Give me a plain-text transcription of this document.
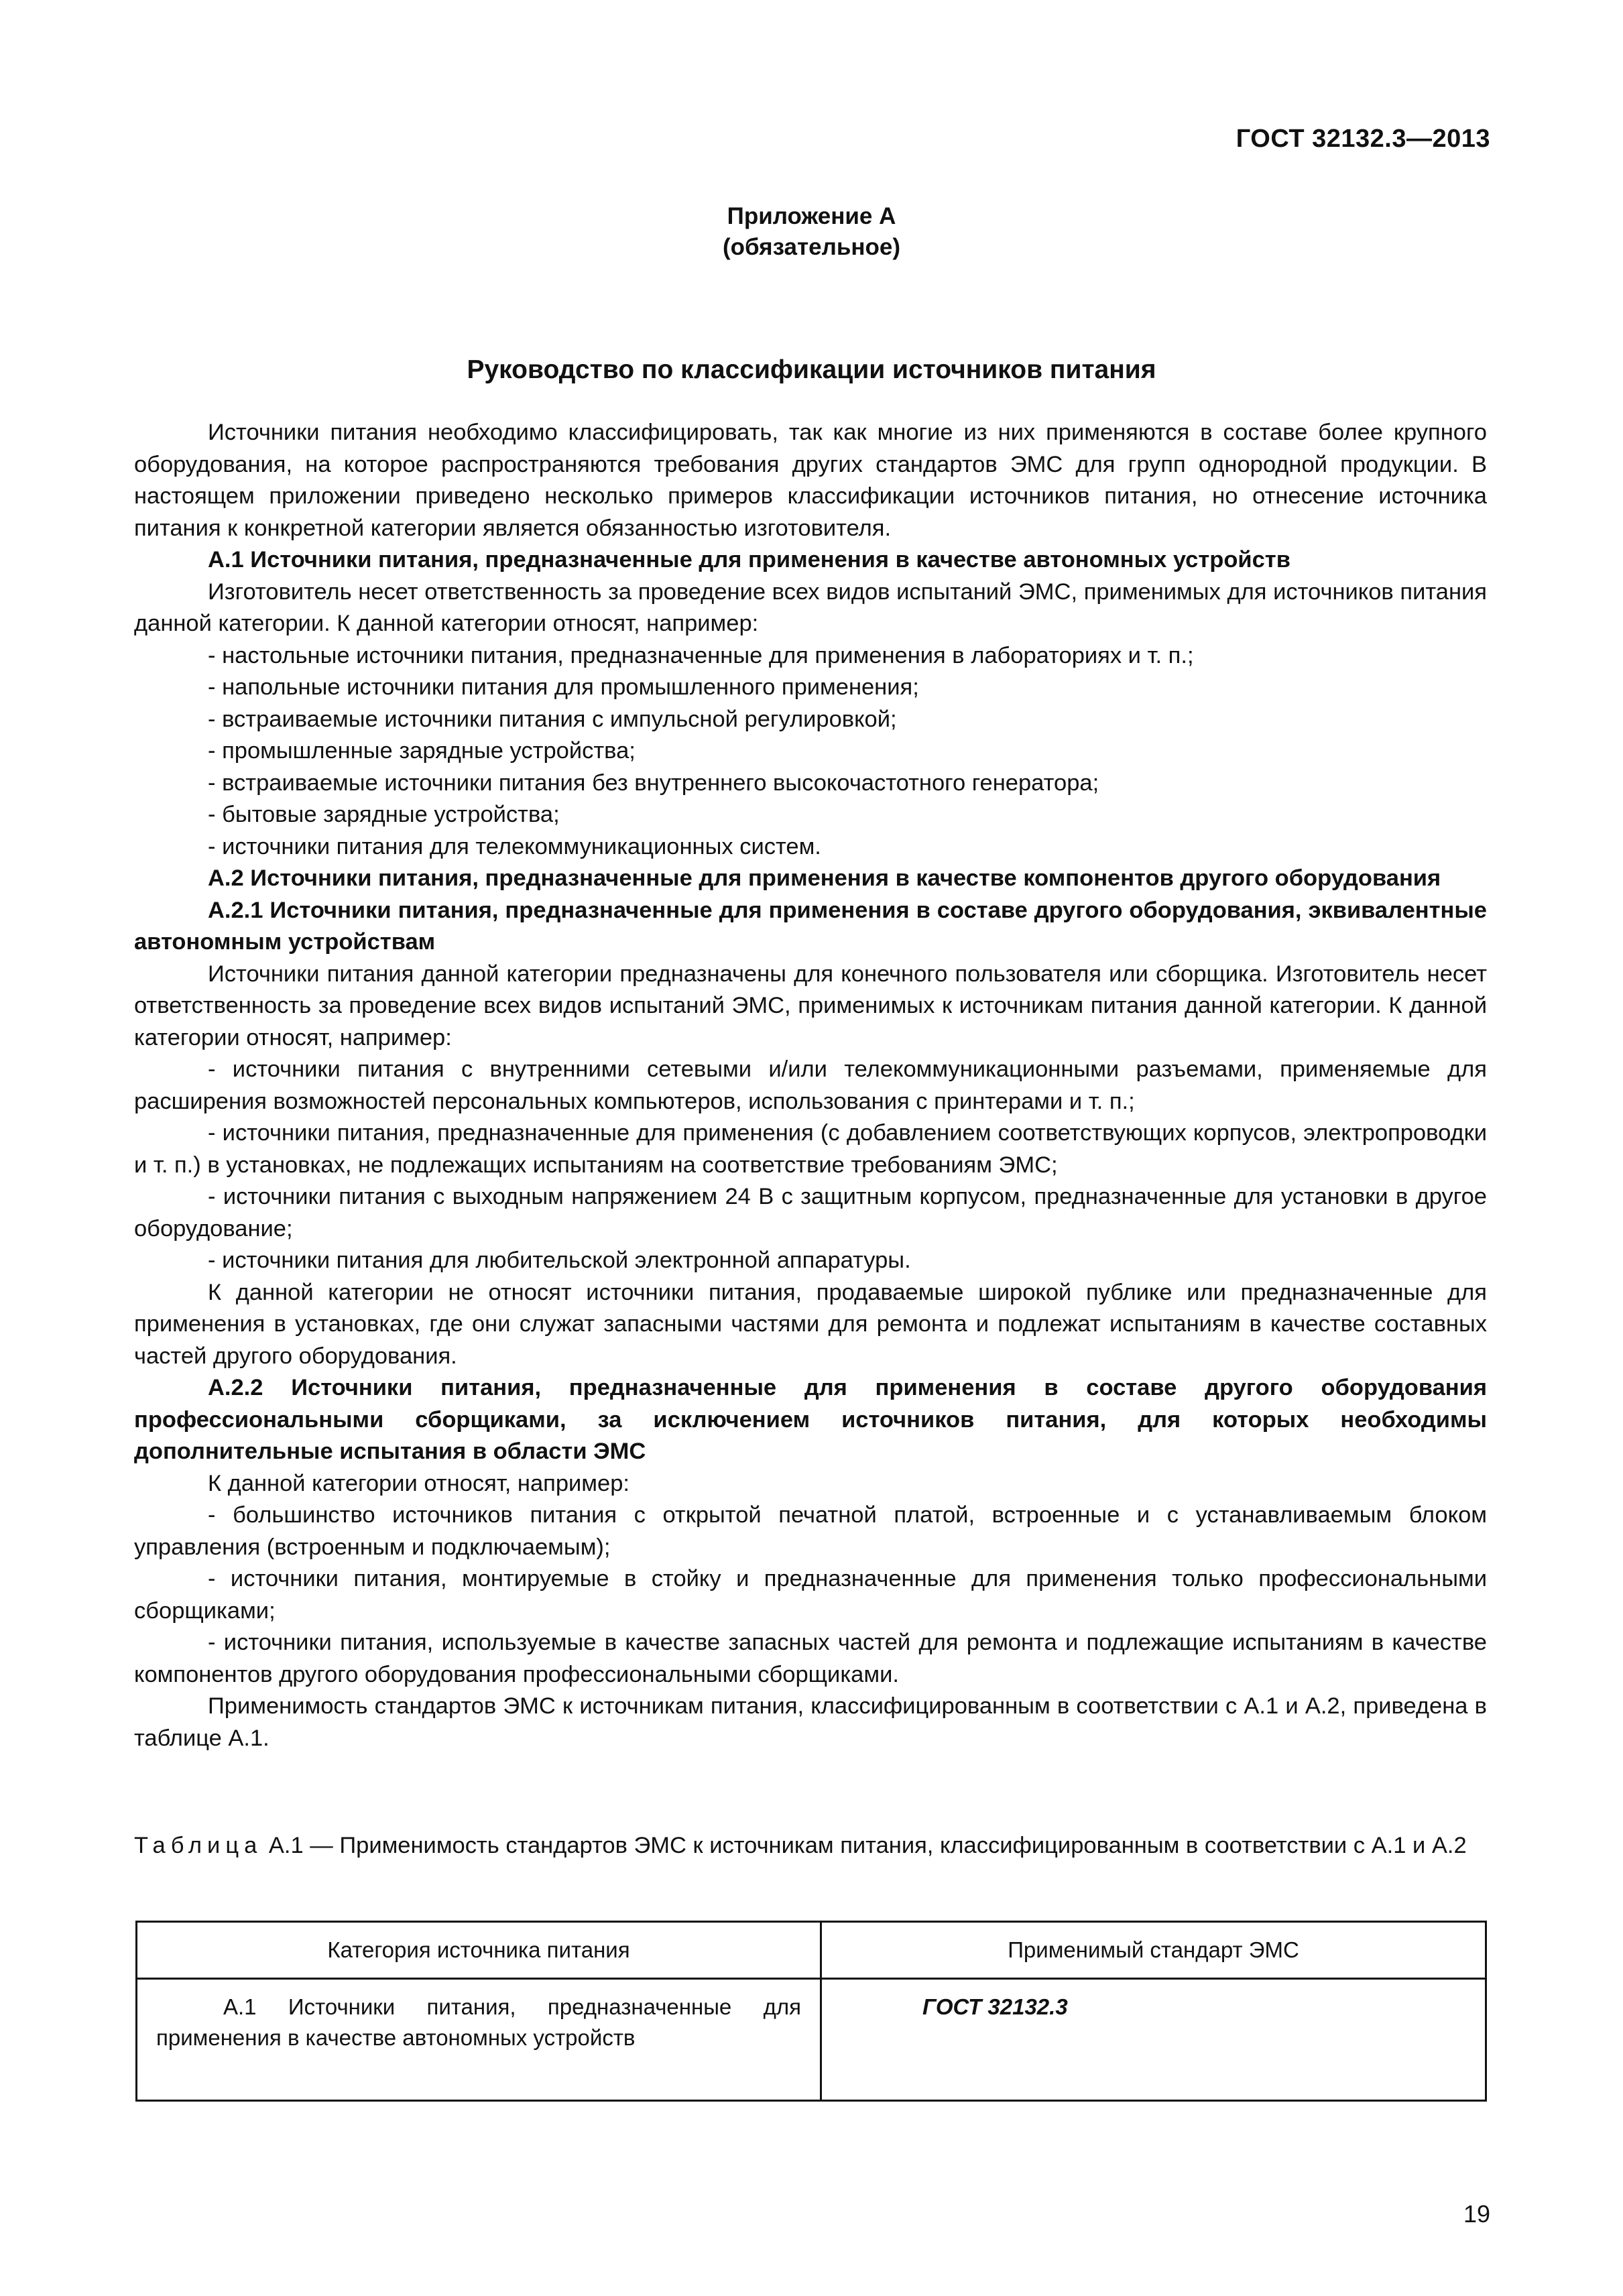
ГОСТ 32132.3—2013
Приложение А
(обязательное)
Руководство по классификации источников питания

Источники питания необходимо классифицировать, так как многие из них применяются в составе более крупного оборудования, на которое распространяются требования других стандартов ЭМС для групп однородной продукции. В настоящем приложении приведено несколько примеров классификации источников питания, но отнесение источника питания к конкретной категории является обязанностью изготовителя.

А.1 Источники питания, предназначенные для применения в качестве автономных устройств

Изготовитель несет ответственность за проведение всех видов испытаний ЭМС, применимых для источников питания данной категории. К данной категории относят, например:

- настольные источники питания, предназначенные для применения в лабораториях и т. п.;

- напольные источники питания для промышленного применения;

- встраиваемые источники питания с импульсной регулировкой;

- промышленные зарядные устройства;

- встраиваемые источники питания без внутреннего высокочастотного генератора;

- бытовые зарядные устройства;

- источники питания для телекоммуникационных систем.

А.2 Источники питания, предназначенные для применения в качестве компонентов другого оборудования

А.2.1 Источники питания, предназначенные для применения в составе другого оборудования, эквивалентные автономным устройствам

Источники питания данной категории предназначены для конечного пользователя или сборщика. Изготовитель несет ответственность за проведение всех видов испытаний ЭМС, применимых к источникам питания данной категории. К данной категории относят, например:

- источники питания с внутренними сетевыми и/или телекоммуникационными разъемами, применяемые для расширения возможностей персональных компьютеров, использования с принтерами и т. п.;

- источники питания, предназначенные для применения (с добавлением соответствующих корпусов, электропроводки и т. п.) в установках, не подлежащих испытаниям на соответствие требованиям ЭМС;

- источники питания с выходным напряжением 24 В с защитным корпусом, предназначенные для установки в другое оборудование;

- источники питания для любительской электронной аппаратуры.

К данной категории не относят источники питания, продаваемые широкой публике или предназначенные для применения в установках, где они служат запасными частями для ремонта и подлежат испытаниям в качестве составных частей другого оборудования.

А.2.2 Источники питания, предназначенные для применения в составе другого оборудования профессиональными сборщиками, за исключением источников питания, для которых необходимы дополнительные испытания в области ЭМС

К данной категории относят, например:

- большинство источников питания с открытой печатной платой, встроенные и с устанавливаемым блоком управления (встроенным и подключаемым);

- источники питания, монтируемые в стойку и предназначенные для применения только профессиональными сборщиками;

- источники питания, используемые в качестве запасных частей для ремонта и подлежащие испытаниям в качестве компонентов другого оборудования профессиональными сборщиками.

Применимость стандартов ЭМС к источникам питания, классифицированным в соответствии с А.1 и А.2, приведена в таблице А.1.

Таблица А.1 — Применимость стандартов ЭМС к источникам питания, классифицированным в соответствии с А.1 и А.2
Категория источника питания	Применимый стандарт ЭМС
А.1 Источники питания, предназначенные для применения в качестве автономных устройств	ГОСТ 32132.3
19
